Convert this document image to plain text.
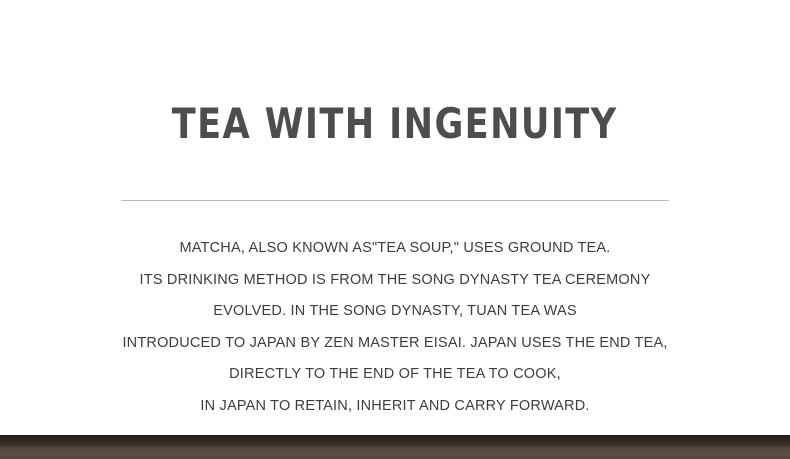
TEA WITH INGENUITY
MATCHA, ALSO KNOWN AS"TEA SOUP," USES GROUND TEA.
ITS DRINKING METHOD IS FROM THE SONG DYNASTY TEA CEREMONY
EVOLVED. IN THE SONG DYNASTY, TUAN TEA WAS
INTRODUCED TO JAPAN BY ZEN MASTER EISAI. JAPAN USES THE END TEA,
DIRECTLY TO THE END OF THE TEA TO COOK,
IN JAPAN TO RETAIN, INHERIT AND CARRY FORWARD.
